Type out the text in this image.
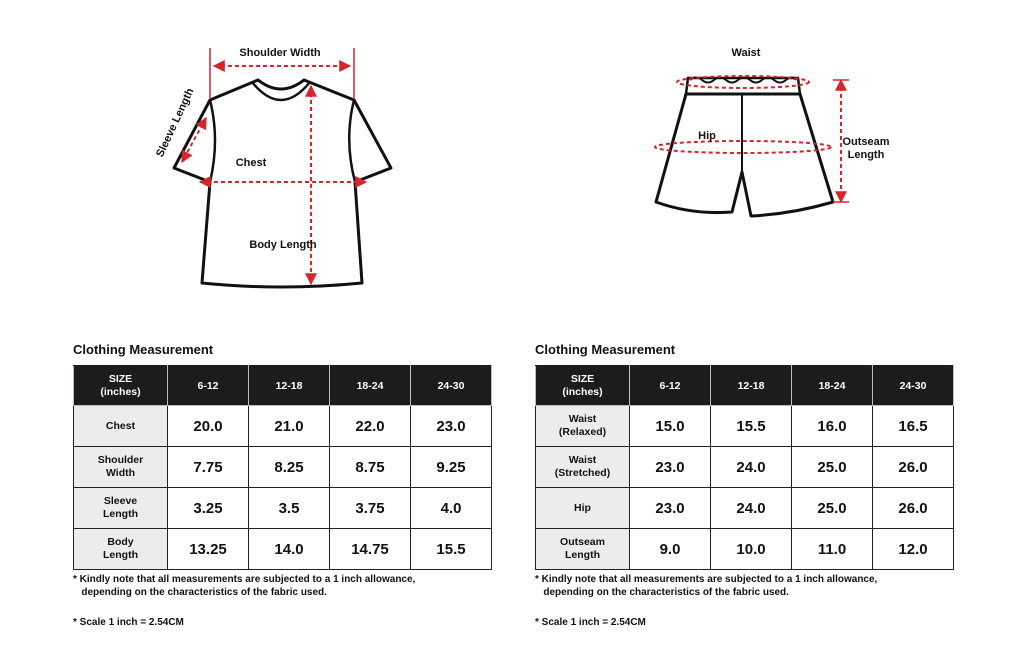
Shoulder Width
Sleeve Length
Chest
Body Length
Waist
Hip	Outseam
Length
Clothing Measurement
SIZE
(inches)	6-12	12-18	18-24	24-30
Chest	20.0	21.0	22.0	23.0
Shoulder
Width	7.75	8.25	8.75	9.25
Sleeve
Length	3.25	3.5	3.75	4.0
Body
Length	13.25	14.0	14.75	15.5
* Kindly note that all measurements are subjected to a 1 inch allowance,
depending on the characteristics of the fabric used.
* Scale 1 inch = 2.54CM
Clothing Measurement
SIZE
(inches)	6-12	12-18	18-24	24-30
Waist
(Relaxed)	15.0	15.5	16.0	16.5
Waist
(Stretched)	23.0	24.0	25.0	26.0
Hip	23.0	24.0	25.0	26.0
Outseam
Length	9.0	10.0	11.0	12.0
* Kindly note that all measurements are subjected to a 1 inch allowance,
depending on the characteristics of the fabric used.
* Scale 1 inch = 2.54CM
